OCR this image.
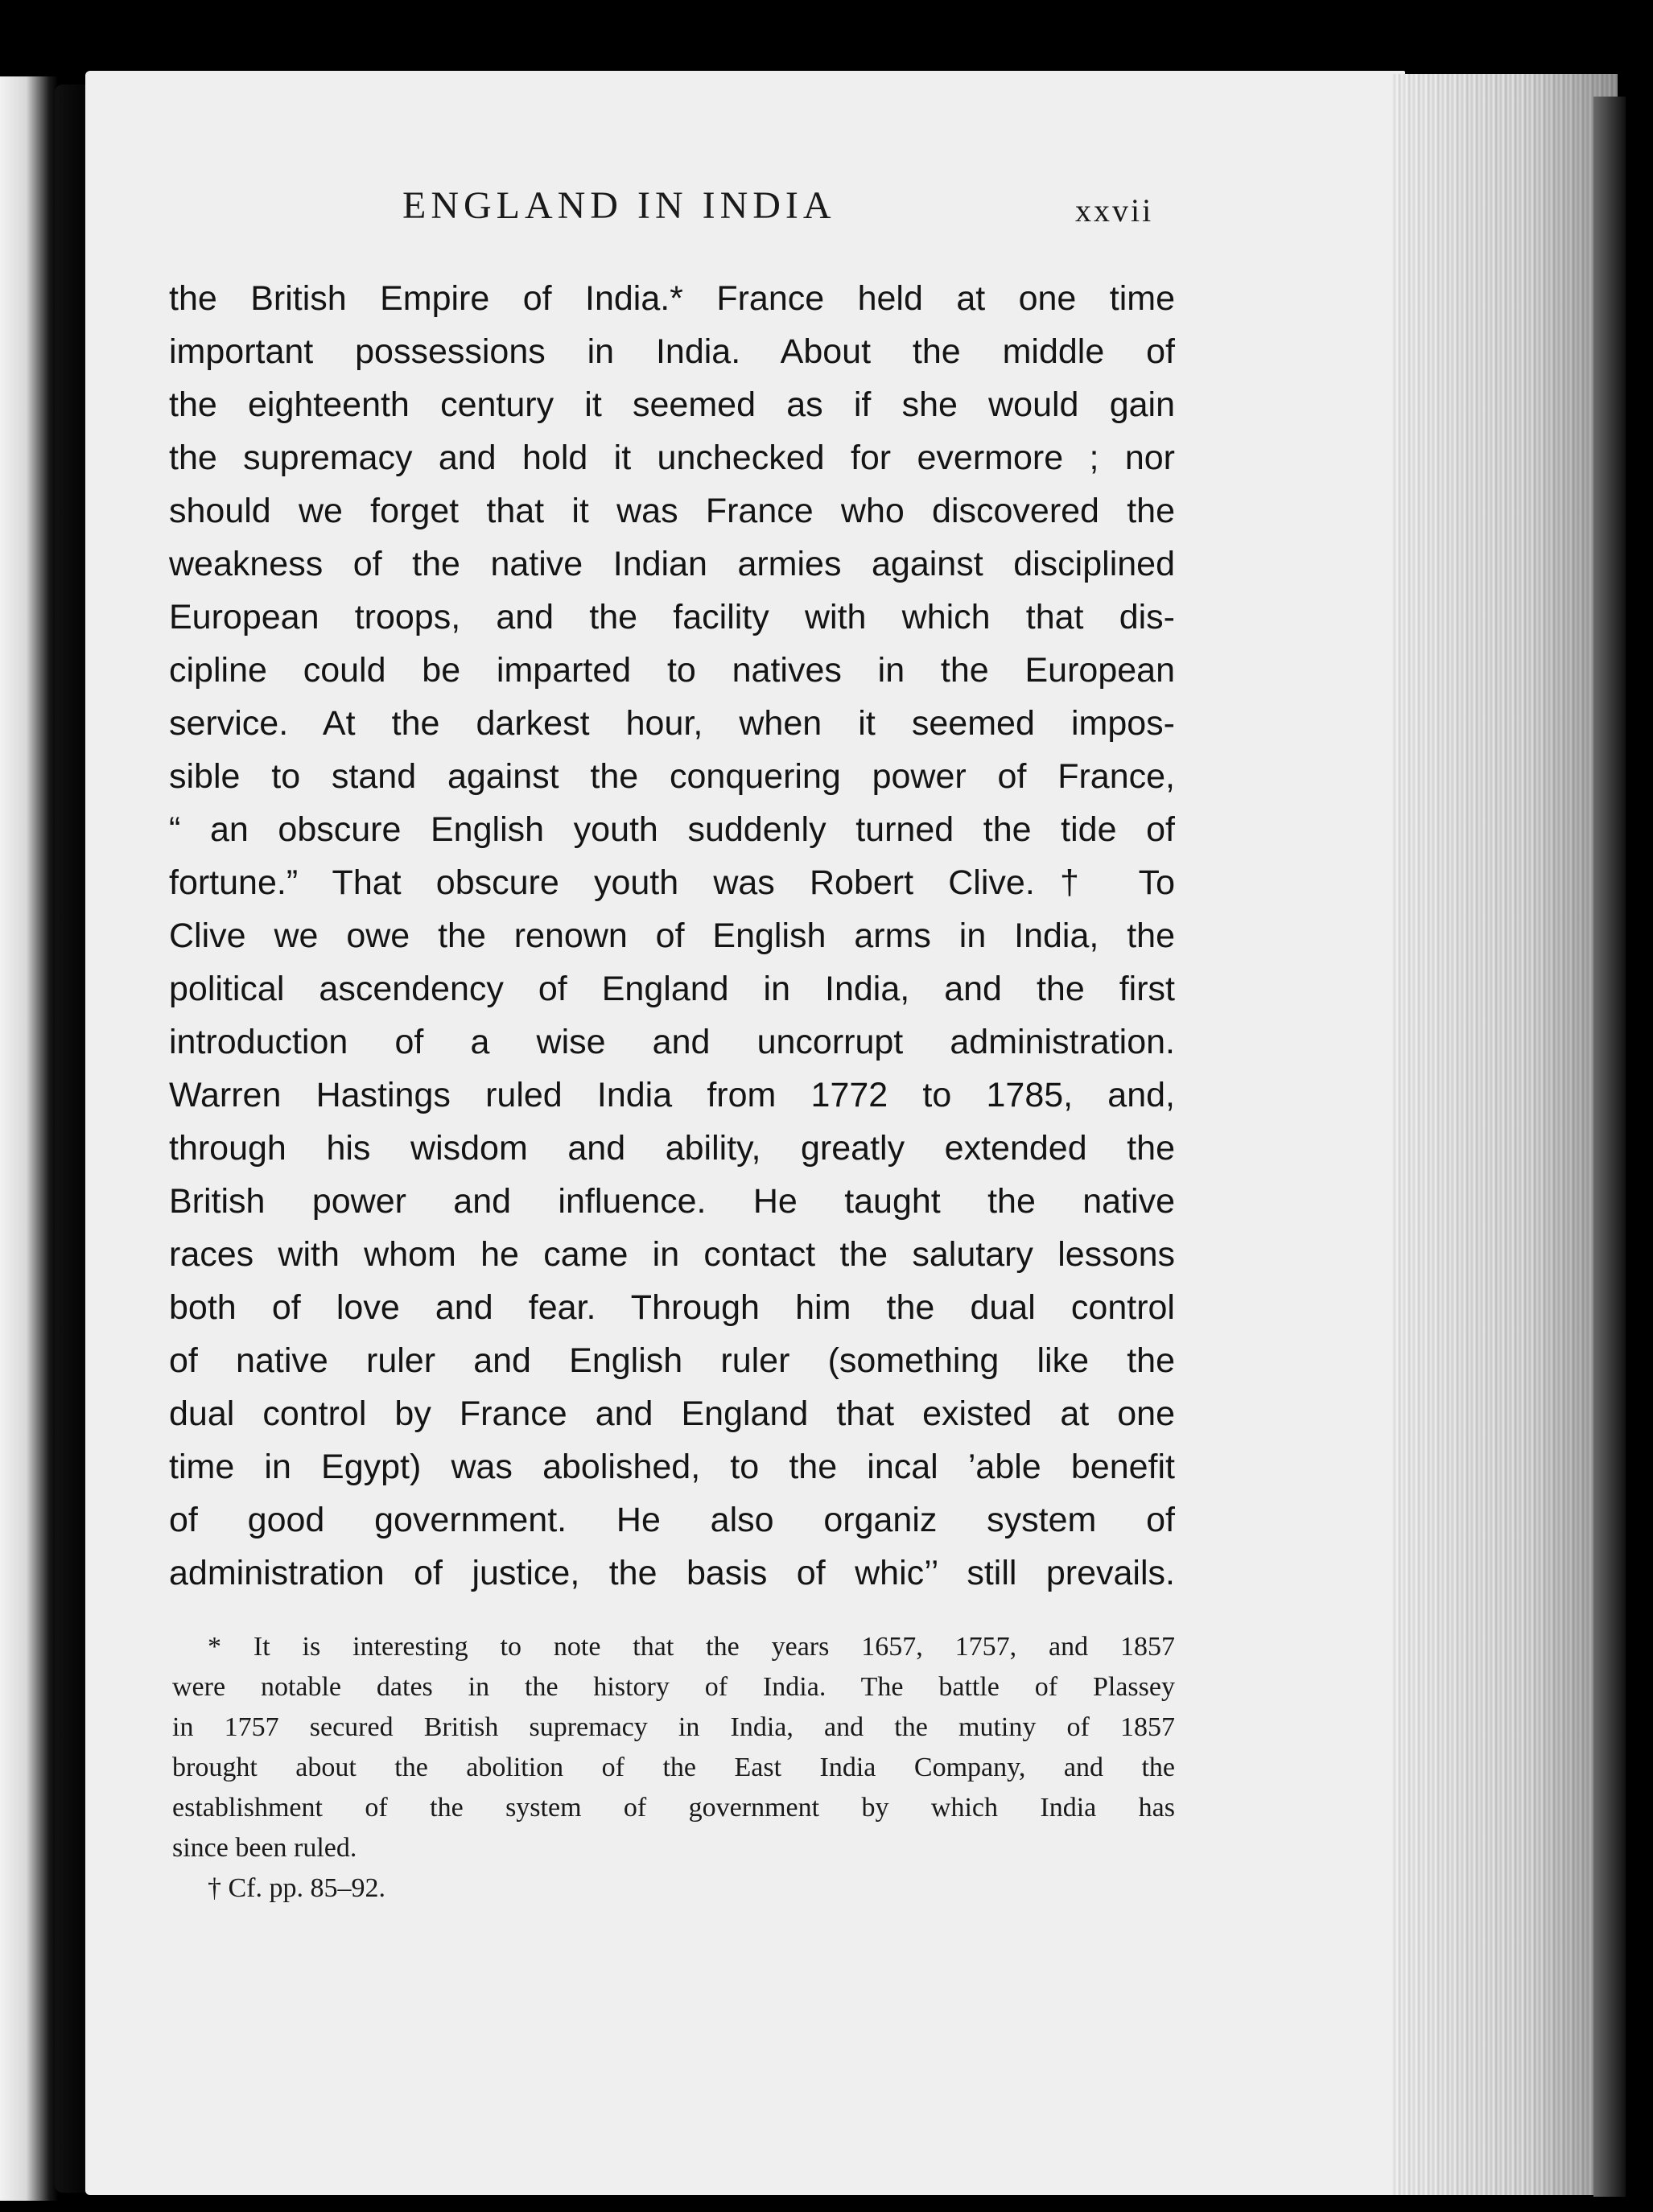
ENGLAND IN INDIA	xxvii
the British Empire of India.* France held at one time
important possessions in India. About the middle of
the eighteenth century it seemed as if she would gain
the supremacy and hold it unchecked for evermore ; nor
should we forget that it was France who discovered the
weakness of the native Indian armies against disciplined
European troops, and the facility with which that dis-
cipline could be imparted to natives in the European
service. At the darkest hour, when it seemed impos-
sible to stand against the conquering power of France,
“ an obscure English youth suddenly turned the tide of
fortune.” That obscure youth was Robert Clive.† To
Clive we owe the renown of English arms in India, the
political ascendency of England in India, and the first
introduction of a wise and uncorrupt administration.
Warren Hastings ruled India from 1772 to 1785, and,
through his wisdom and ability, greatly extended the
British power and influence. He taught the native
races with whom he came in contact the salutary lessons
both of love and fear. Through him the dual control
of native ruler and English ruler (something like the
dual control by France and England that existed at one
time in Egypt) was abolished, to the incal ’able benefit
of good government. He also organiz system of
administration of justice, the basis of whic’’ still prevails.
* It is interesting to note that the years 1657, 1757, and 1857
were notable dates in the history of India. The battle of Plassey
in 1757 secured British supremacy in India, and the mutiny of 1857
brought about the abolition of the East India Company, and the
establishment of the system of government by which India has
since been ruled.
† Cf. pp. 85–92.
